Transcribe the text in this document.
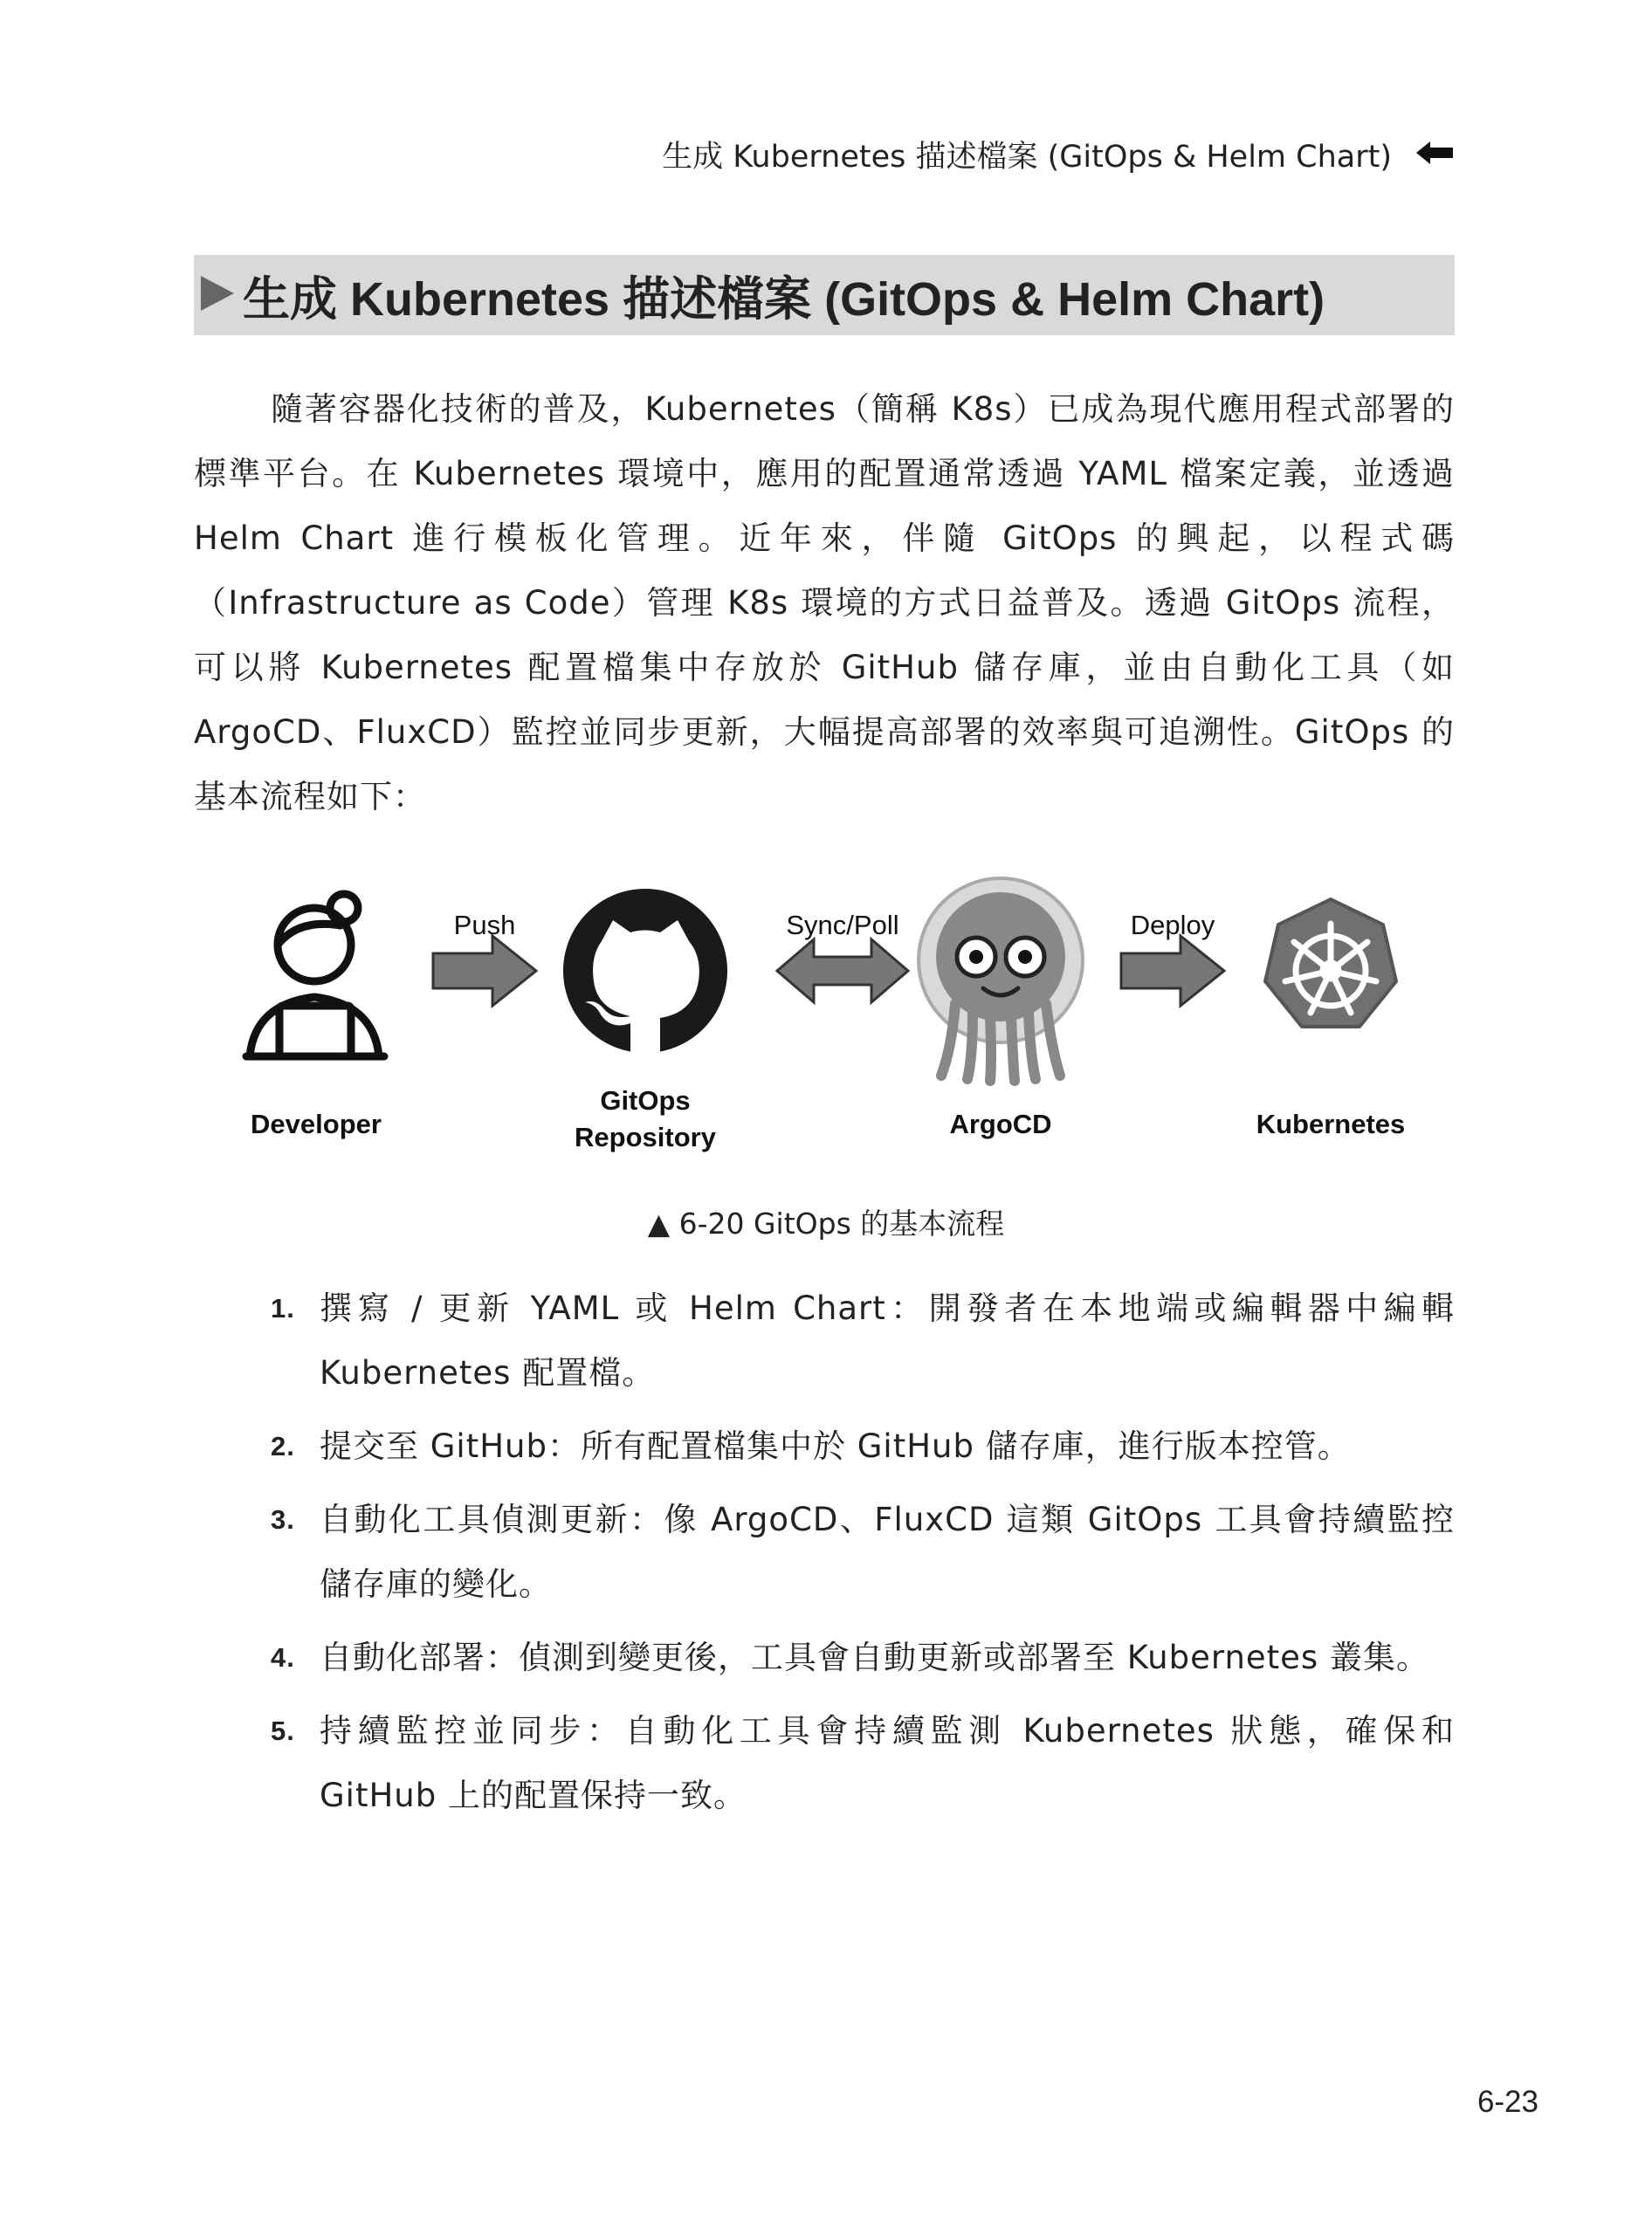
生成 Kubernetes 描述檔案 (GitOps & Helm Chart)
生成 Kubernetes 描述檔案 (GitOps & Helm Chart)

隨著容器化技術的普及，Kubernetes（簡稱 K8s）已成為現代應用程式部署的標準平台。在 Kubernetes 環境中，應用的配置通常透過 YAML 檔案定義，並透過 Helm Chart 進行模板化管理。近年來，伴隨 GitOps 的興起，以程式碼（Infrastructure as Code）管理 K8s 環境的方式日益普及。透過 GitOps 流程，可以將 Kubernetes 配置檔集中存放於 GitHub 儲存庫，並由自動化工具（如 ArgoCD、FluxCD）監控並同步更新，大幅提高部署的效率與可追溯性。GitOps 的基本流程如下：

Push	Sync/Poll	Deploy
Developer
GitOps
Repository	ArgoCD	Kubernetes
▲ 6-20 GitOps 的基本流程
1. 撰寫 / 更新 YAML 或 Helm Chart：開發者在本地端或編輯器中編輯 Kubernetes 配置檔。
2. 提交至 GitHub：所有配置檔集中於 GitHub 儲存庫，進行版本控管。
3. 自動化工具偵測更新：像 ArgoCD、FluxCD 這類 GitOps 工具會持續監控儲存庫的變化。
4. 自動化部署：偵測到變更後，工具會自動更新或部署至 Kubernetes 叢集。
5. 持續監控並同步：自動化工具會持續監測 Kubernetes 狀態，確保和 GitHub 上的配置保持一致。
6-23
